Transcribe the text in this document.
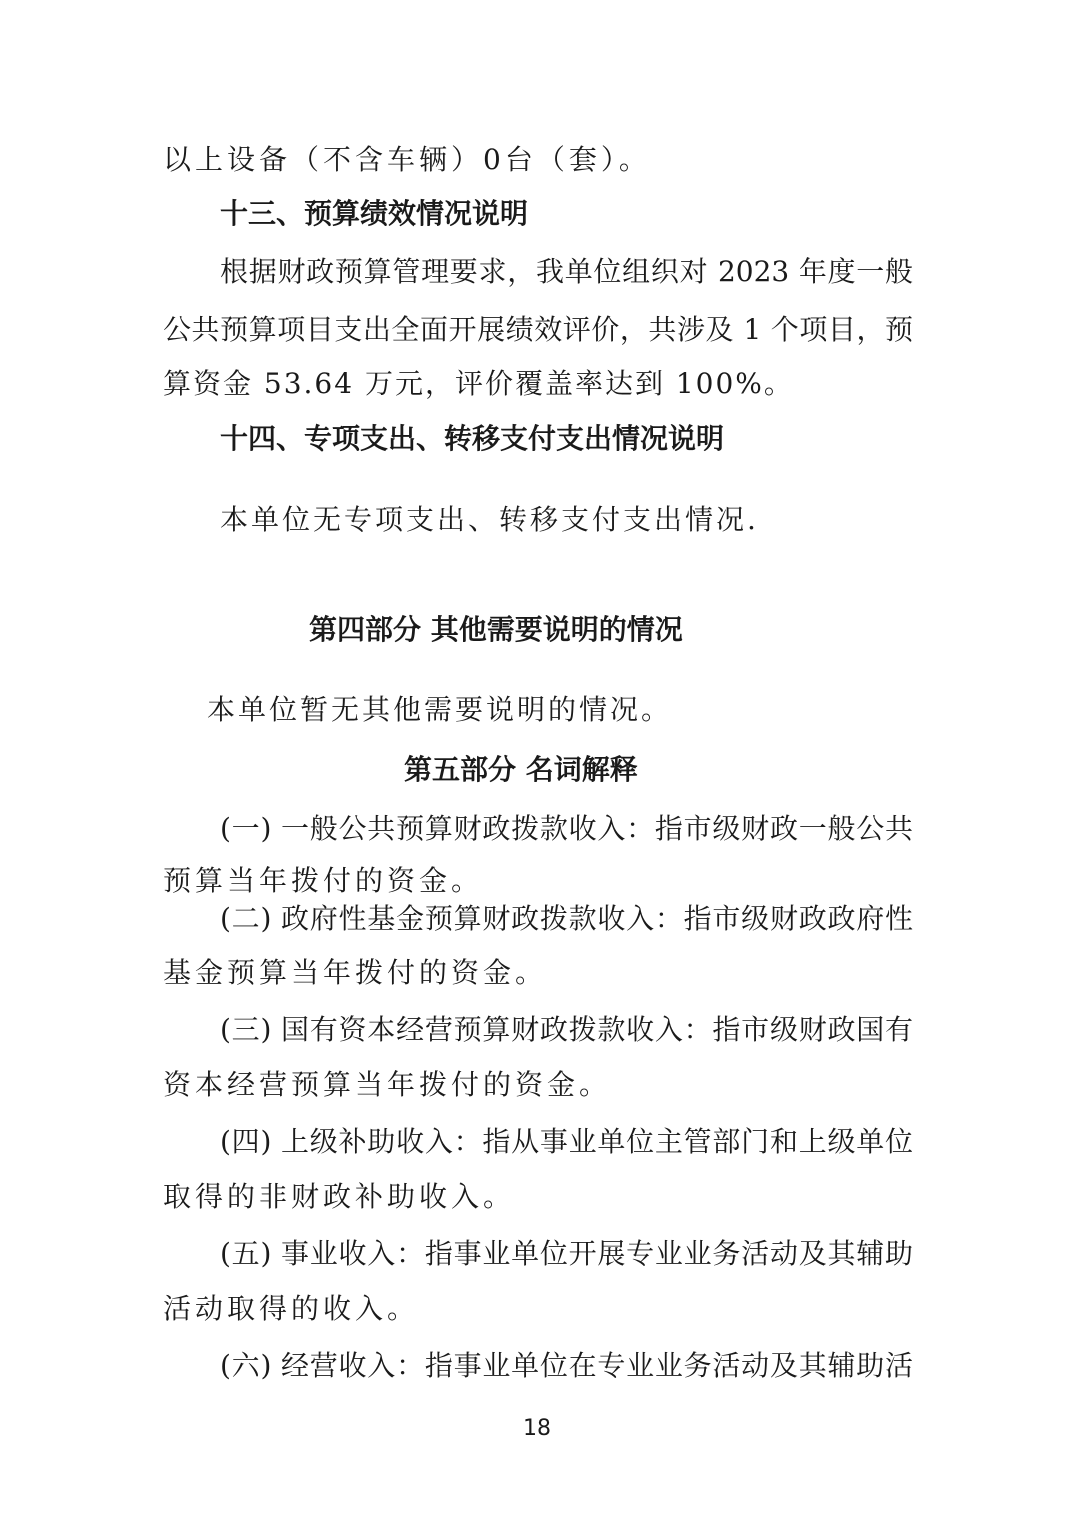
以上设备（不含车辆）0台（套）。
十三、预算绩效情况说明
根据财政预算管理要求，我单位组织对 2023 年度一般
公共预算项目支出全面开展绩效评价，共涉及 1 个项目，预
算资金 53.64 万元，评价覆盖率达到 100%。
十四、专项支出、转移支付支出情况说明
本单位无专项支出、转移支付支出情况.
第四部分 其他需要说明的情况
本单位暂无其他需要说明的情况。
第五部分 名词解释
(一) 一般公共预算财政拨款收入：指市级财政一般公共
预算当年拨付的资金。
(二) 政府性基金预算财政拨款收入：指市级财政政府性
基金预算当年拨付的资金。
(三) 国有资本经营预算财政拨款收入：指市级财政国有
资本经营预算当年拨付的资金。
(四) 上级补助收入：指从事业单位主管部门和上级单位
取得的非财政补助收入。
(五) 事业收入：指事业单位开展专业业务活动及其辅助
活动取得的收入。
(六) 经营收入：指事业单位在专业业务活动及其辅助活
18
